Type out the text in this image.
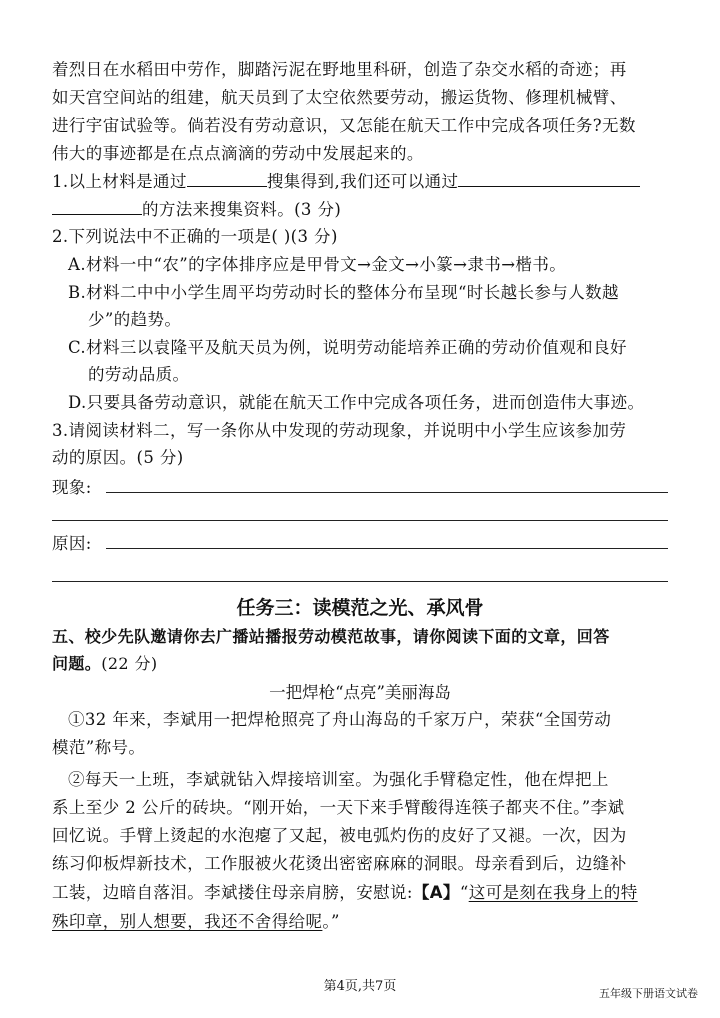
着烈日在水稻田中劳作，脚踏污泥在野地里科研，创造了杂交水稻的奇迹；再
如天宫空间站的组建，航天员到了太空依然要劳动，搬运货物、修理机械臂、
进行宇宙试验等。倘若没有劳动意识，又怎能在航天工作中完成各项任务?无数
伟大的事迹都是在点点滴滴的劳动中发展起来的。
1.以上材料是通过	搜集得到,我们还可以通过
的方法来搜集资料。(3 分)
2.下列说法中不正确的一项是( )(3 分)
A.材料一中“农”的字体排序应是甲骨文→金文→小篆→隶书→楷书。
B.材料二中中小学生周平均劳动时长的整体分布呈现“时长越长参与人数越
少”的趋势。
C.材料三以袁隆平及航天员为例，说明劳动能培养正确的劳动价值观和良好
的劳动品质。
D.只要具备劳动意识，就能在航天工作中完成各项任务，进而创造伟大事迹。
3.请阅读材料二，写一条你从中发现的劳动现象，并说明中小学生应该参加劳
动的原因。(5 分)
现象:
原因:
任务三：读模范之光、承风骨
五、校少先队邀请你去广播站播报劳动模范故事，请你阅读下面的文章，回答
问题。(22 分)
一把焊枪“点亮”美丽海岛
①32 年来，李斌用一把焊枪照亮了舟山海岛的千家万户，荣获“全国劳动
模范”称号。
②每天一上班，李斌就钻入焊接培训室。为强化手臂稳定性，他在焊把上
系上至少 2 公斤的砖块。“刚开始，一天下来手臂酸得连筷子都夹不住。”李斌
回忆说。手臂上烫起的水泡瘪了又起，被电弧灼伤的皮好了又褪。一次，因为
练习仰板焊新技术，工作服被火花烫出密密麻麻的洞眼。母亲看到后，边缝补
工装，边暗自落泪。李斌搂住母亲肩膀，安慰说:【A】“这可是刻在我身上的特
殊印章，别人想要，我还不舍得给呢。”
第4页,共7页	五年级下册语文试卷
